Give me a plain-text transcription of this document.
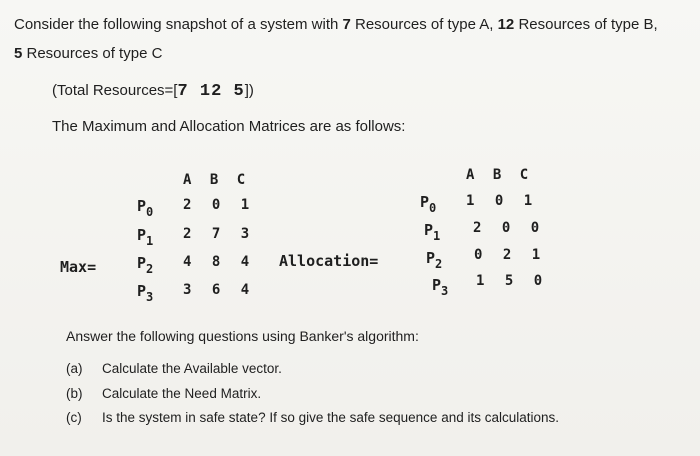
Consider the following snapshot of a system with 7 Resources of type A, 12 Resources of type B,
5 Resources of type C
(Total Resources=[7 12 5])
The Maximum and Allocation Matrices are as follows:
Max=
A B C
$P_0$
$P_1$
$P_2$
$P_3$
2 0 1
2 7 3
4 8 4
3 6 4
Allocation=
A B C
$P_0$
$P_1$
$P_2$
$P_3$
1 0 1
2 0 0
0 2 1
1 5 0
Answer the following questions using Banker's algorithm:
(a) Calculate the Available vector.
(b) Calculate the Need Matrix.
(c) Is the system in safe state? If so give the safe sequence and its calculations.
